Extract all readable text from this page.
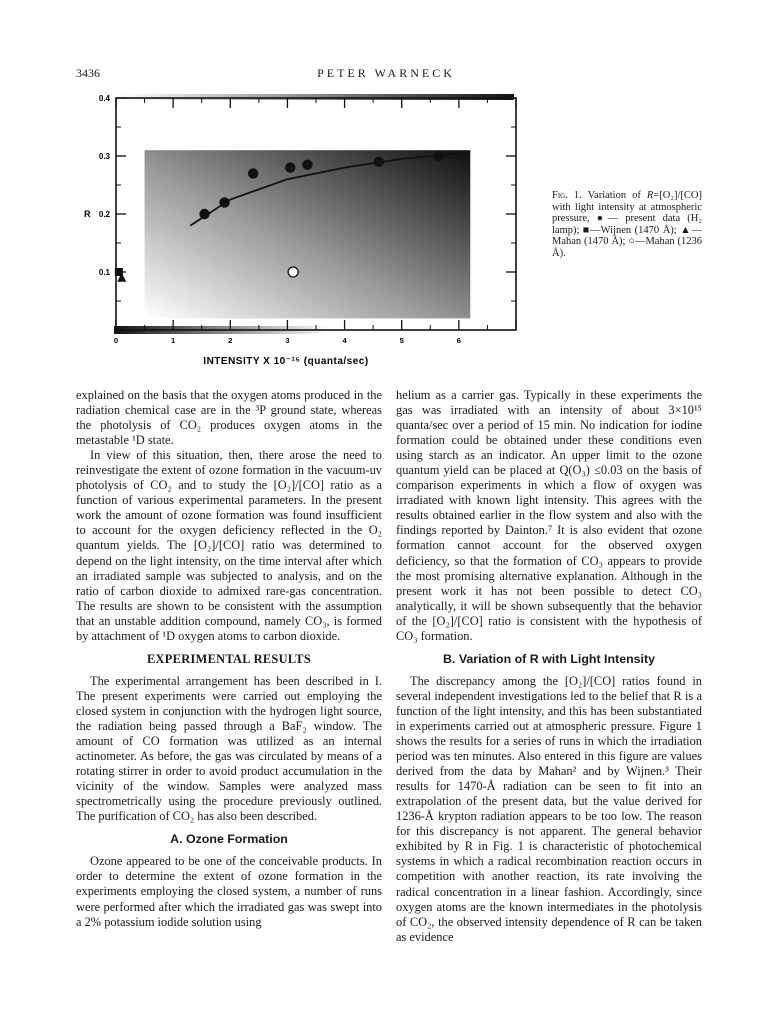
3436	PETER WARNECK
0.1
0.2
0.3
0.4
R
0	1	2	3	4	5	6
INTENSITY X 10⁻¹⁵ (quanta/sec)
Fig. 1. Variation of R=[O₂]/[CO] with light intensity at atmospheric pressure, ●— present data (H₂ lamp); ■—Wijnen (1470 Å); ▲—Mahan (1470 Å); ○—Mahan (1236 Å).

explained on the basis that the oxygen atoms produced in the radiation chemical case are in the ³P ground state, whereas the photolysis of CO₂ produces oxygen atoms in the metastable ¹D state.

In view of this situation, then, there arose the need to reinvestigate the extent of ozone formation in the vacuum-uv photolysis of CO₂ and to study the [O₂]/[CO] ratio as a function of various experimental parameters. In the present work the amount of ozone formation was found insufficient to account for the oxygen deficiency reflected in the O₂ quantum yields. The [O₂]/[CO] ratio was determined to depend on the light intensity, on the time interval after which an irradiated sample was subjected to analysis, and on the ratio of carbon dioxide to admixed rare-gas concentration. The results are shown to be consistent with the assumption that an unstable addition compound, namely CO₃, is formed by attachment of ¹D oxygen atoms to carbon dioxide.

EXPERIMENTAL RESULTS

The experimental arrangement has been described in I. The present experiments were carried out employing the closed system in conjunction with the hydrogen light source, the radiation being passed through a BaF₂ window. The amount of CO formation was utilized as an internal actinometer. As before, the gas was circulated by means of a rotating stirrer in order to avoid product accumulation in the vicinity of the window. Samples were analyzed mass spectrometrically using the procedure previously outlined. The purification of CO₂ has also been described.

A. Ozone Formation

Ozone appeared to be one of the conceivable products. In order to determine the extent of ozone formation in the experiments employing the closed system, a number of runs were performed after which the irradiated gas was swept into a 2% potassium iodide solution using

helium as a carrier gas. Typically in these experiments the gas was irradiated with an intensity of about 3×10¹⁵ quanta/sec over a period of 15 min. No indication for iodine formation could be obtained under these conditions even using starch as an indicator. An upper limit to the ozone quantum yield can be placed at Q(O₃) ≤0.03 on the basis of comparison experiments in which a flow of oxygen was irradiated with known light intensity. This agrees with the results obtained earlier in the flow system and also with the findings reported by Dainton.⁷ It is also evident that ozone formation cannot account for the observed oxygen deficiency, so that the formation of CO₃ appears to provide the most promising alternative explanation. Although in the present work it has not been possible to detect CO₃ analytically, it will be shown subsequently that the behavior of the [O₂]/[CO] ratio is consistent with the hypothesis of CO₃ formation.

B. Variation of R with Light Intensity

The discrepancy among the [O₂]/[CO] ratios found in several independent investigations led to the belief that R is a function of the light intensity, and this has been substantiated in experiments carried out at atmospheric pressure. Figure 1 shows the results for a series of runs in which the irradiation period was ten minutes. Also entered in this figure are values derived from the data by Mahan² and by Wijnen.³ Their results for 1470-Å radiation can be seen to fit into an extrapolation of the present data, but the value derived for 1236-Å krypton radiation appears to be too low. The reason for this discrepancy is not apparent. The general behavior exhibited by R in Fig. 1 is characteristic of photochemical systems in which a radical recombination reaction occurs in competition with another reaction, its rate involving the radical concentration in a linear fashion. Accordingly, since oxygen atoms are the known intermediates in the photolysis of CO₂, the observed intensity dependence of R can be taken as evidence
